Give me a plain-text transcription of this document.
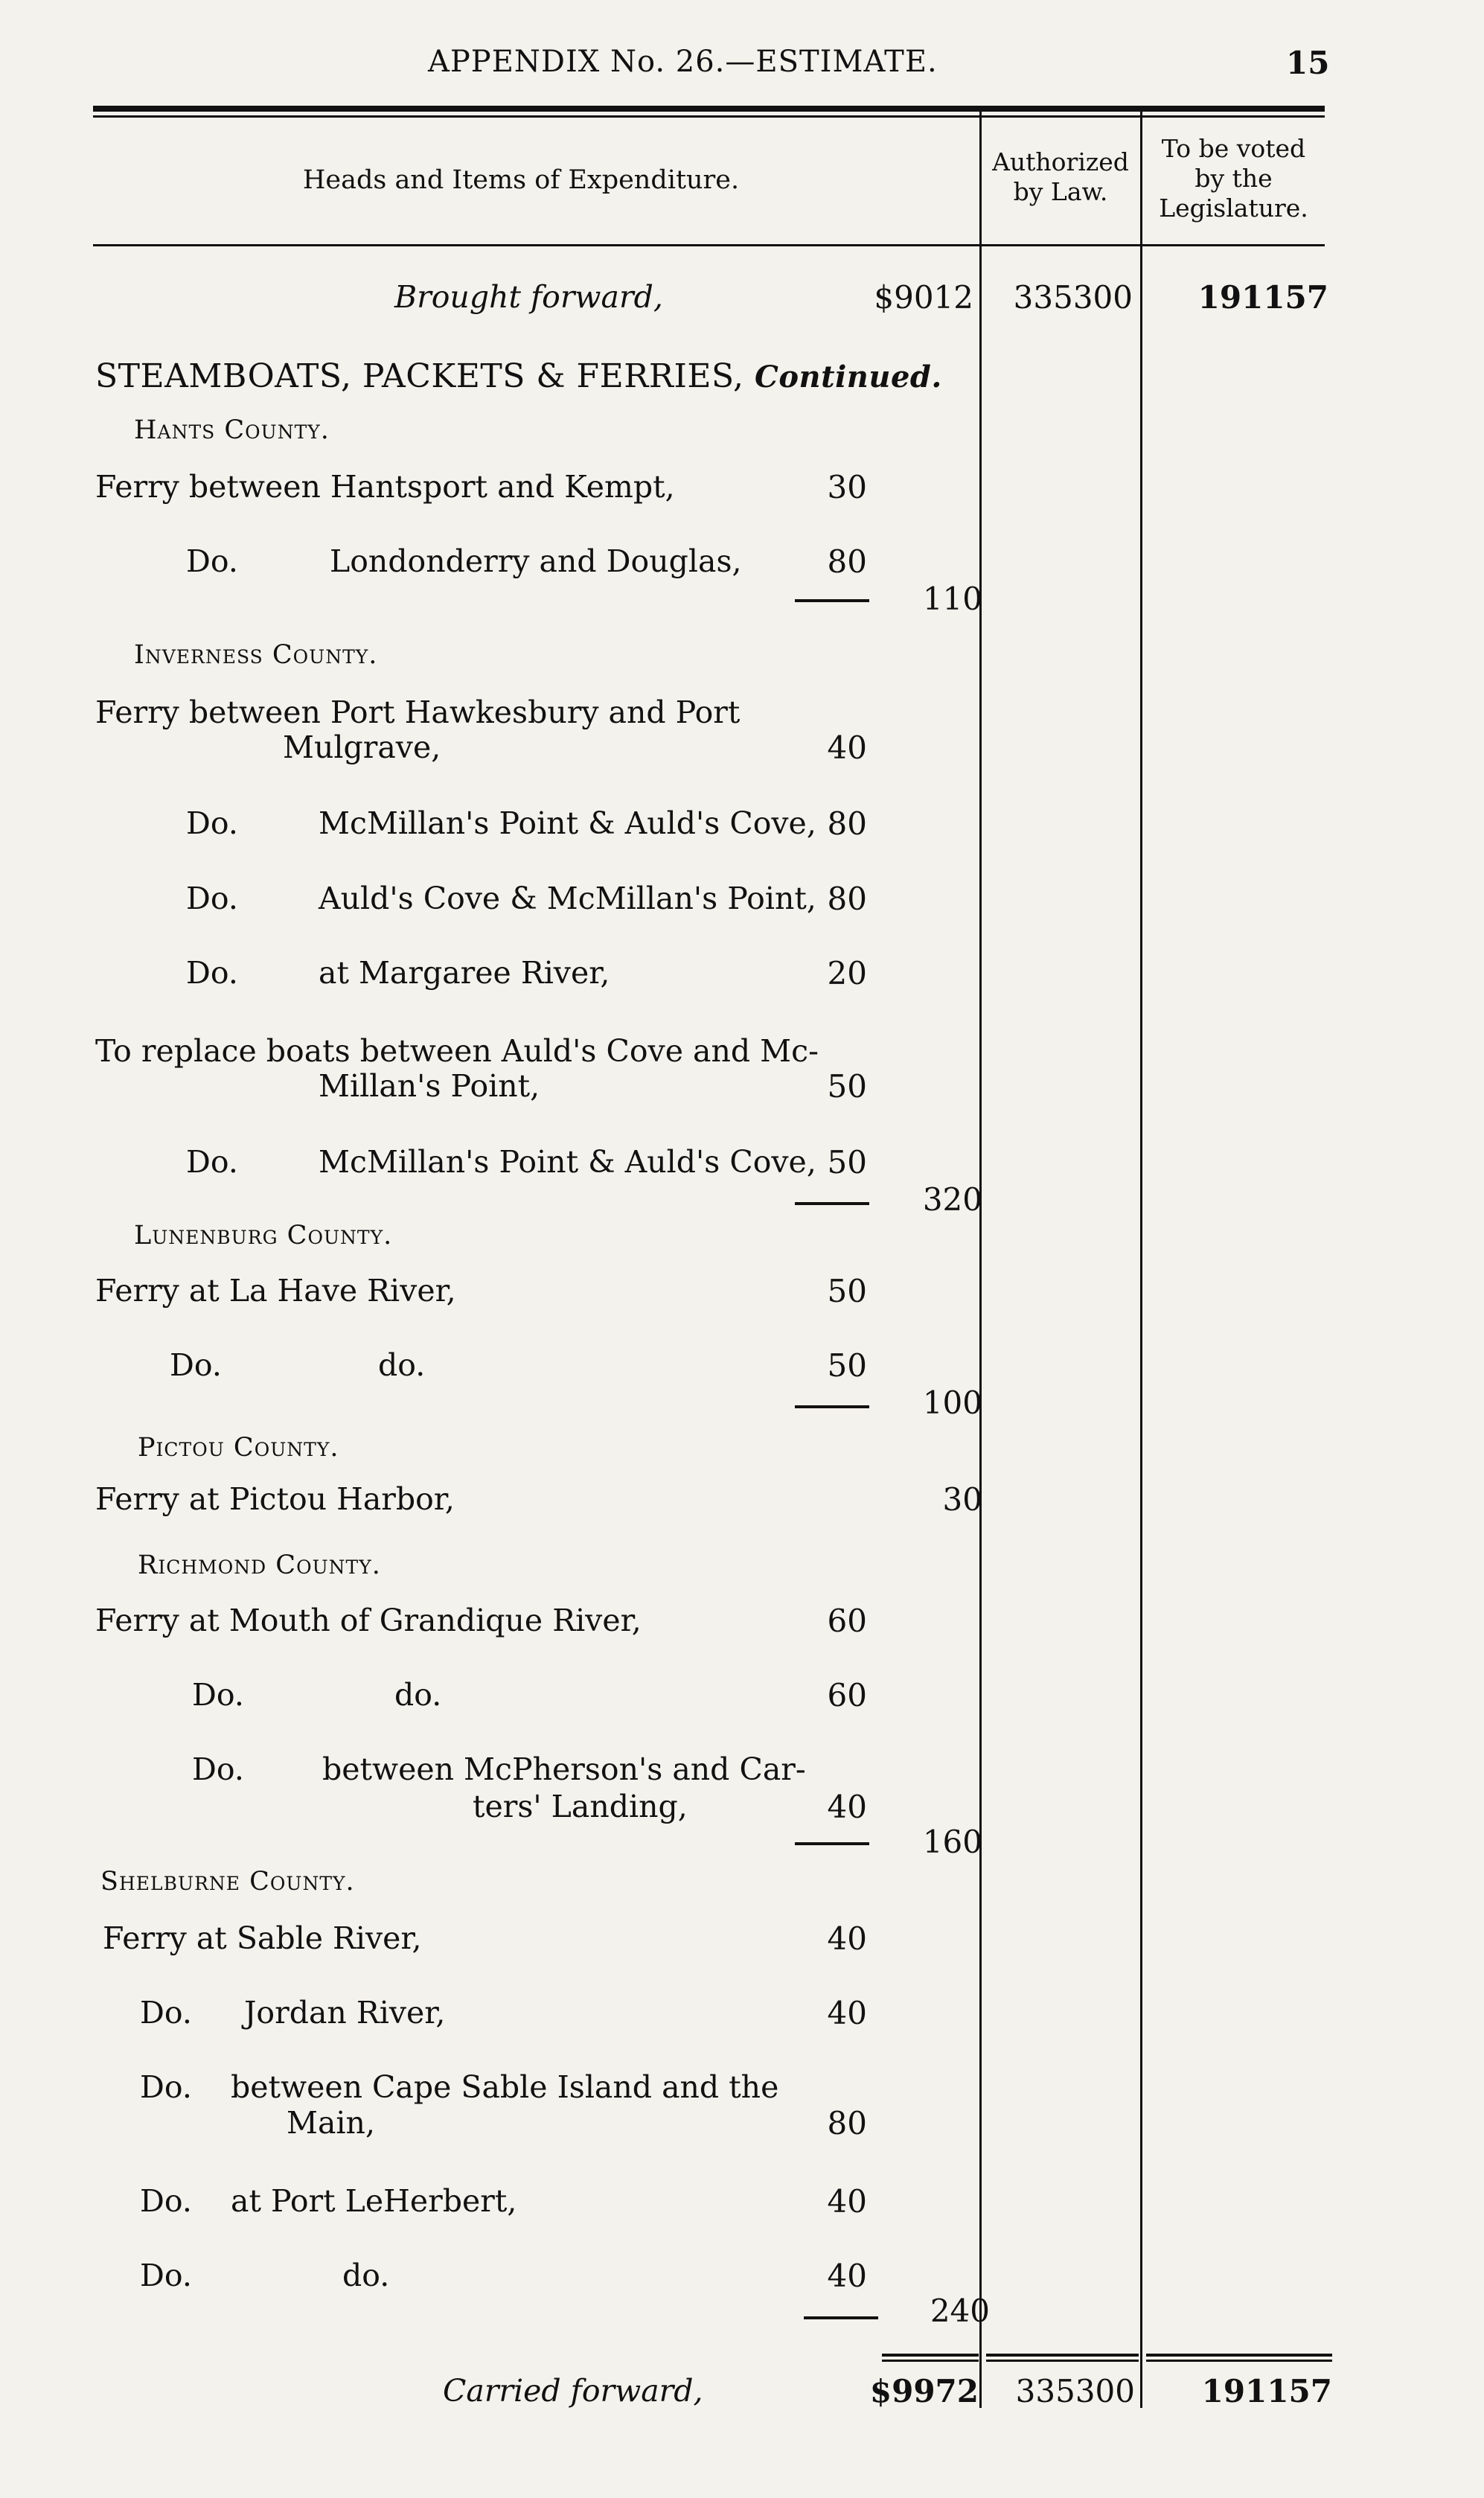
APPENDIX No. 26.—ESTIMATE.	15
Heads and Items of Expenditure.
Authorized
by Law.
To be voted
by the
Legislature.
Brought forward,	$9012	335300	191157
STEAMBOATS, PACKETS & FERRIES, Continued.
Hants County.
Ferry between Hantsport and Kempt,	30
Do.	Londonderry and Douglas,	80
110
Inverness County.
Ferry between Port Hawkesbury and Port
Mulgrave,	40
Do.	McMillan's Point & Auld's Cove, 80
Do.	Auld's Cove & McMillan's Point, 80
Do.	at Margaree River,	20
To replace boats between Auld's Cove and Mc-
Millan's Point,	50
Do.	McMillan's Point & Auld's Cove, 50
320
Lunenburg County.
Ferry at La Have River,	50
Do.	do.	50
100
Pictou County.
Ferry at Pictou Harbor,	30
Richmond County.
Ferry at Mouth of Grandique River,	60
Do.	do.	60
Do.	between McPherson's and Car-
ters' Landing,	40
160
Shelburne County.
Ferry at Sable River,	40
Do. Jordan River,	40
Do. between Cape Sable Island and the
Main,	80
Do. at Port LeHerbert,	40
Do.	do.	40
240
Carried forward,	$9972	335300	191157
